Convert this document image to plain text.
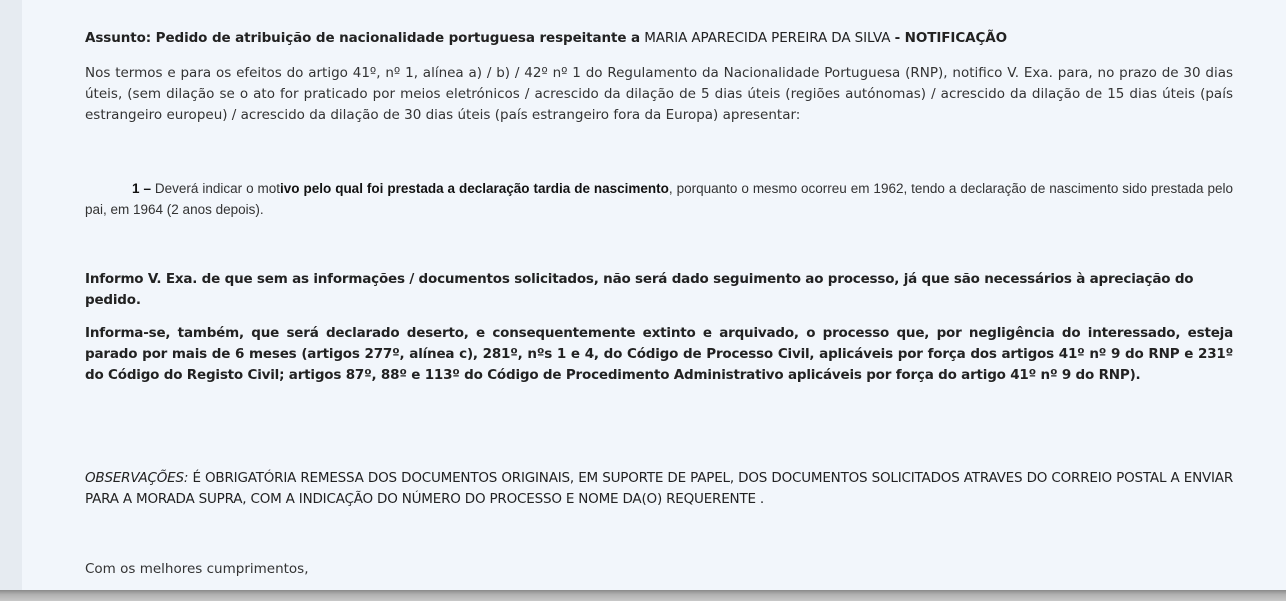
Assunto: Pedido de atribuição de nacionalidade portuguesa respeitante a MARIA APARECIDA PEREIRA DA SILVA - NOTIFICAÇÃO

Nos termos e para os efeitos do artigo 41º, nº 1, alínea a) / b) / 42º nº 1 do Regulamento da Nacionalidade Portuguesa (RNP), notifico V. Exa. para, no prazo de 30 dias úteis, (sem dilação se o ato for praticado por meios eletrónicos / acrescido da dilação de 5 dias úteis (regiões autónomas) / acrescido da dilação de 15 dias úteis (país estrangeiro europeu) / acrescido da dilação de 30 dias úteis (país estrangeiro fora da Europa) apresentar:

1 – Deverá indicar o motivo pelo qual foi prestada a declaração tardia de nascimento, porquanto o mesmo ocorreu em 1962, tendo a declaração de nascimento sido prestada pelo pai, em 1964 (2 anos depois).

Informo V. Exa. de que sem as informações / documentos solicitados, não será dado seguimento ao processo, já que são necessários à apreciação do pedido.

Informa-se, também, que será declarado deserto, e consequentemente extinto e arquivado, o processo que, por negligência do interessado, esteja parado por mais de 6 meses (artigos 277º, alínea c), 281º, nºs 1 e 4, do Código de Processo Civil, aplicáveis por força dos artigos 41º nº 9 do RNP e 231º do Código do Registo Civil; artigos 87º, 88º e 113º do Código de Procedimento Administrativo aplicáveis por força do artigo 41º nº 9 do RNP).

OBSERVAÇÕES: É OBRIGATÓRIA REMESSA DOS DOCUMENTOS ORIGINAIS, EM SUPORTE DE PAPEL, DOS DOCUMENTOS SOLICITADOS ATRAVES DO CORREIO POSTAL A ENVIAR PARA A MORADA SUPRA, COM A INDICAÇÃO DO NÚMERO DO PROCESSO E NOME DA(O) REQUERENTE .

Com os melhores cumprimentos,
